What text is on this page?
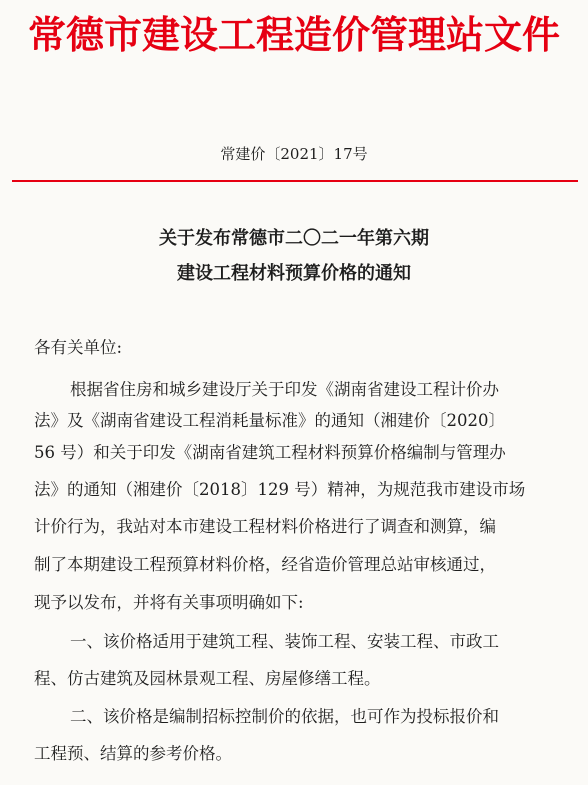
常德市建设工程造价管理站文件
常建价〔2021〕17号
关于发布常德市二〇二一年第六期
建设工程材料预算价格的通知
各有关单位:
根据省住房和城乡建设厅关于印发《湖南省建设工程计价办
法》及《湖南省建设工程消耗量标准》的通知（湘建价〔2020〕
56 号）和关于印发《湖南省建筑工程材料预算价格编制与管理办
法》的通知（湘建价〔2018〕129 号）精神，为规范我市建设市场
计价行为，我站对本市建设工程材料价格进行了调查和测算，编
制了本期建设工程预算材料价格，经省造价管理总站审核通过，
现予以发布，并将有关事项明确如下:
一、该价格适用于建筑工程、装饰工程、安装工程、市政工
程、仿古建筑及园林景观工程、房屋修缮工程。
二、该价格是编制招标控制价的依据，也可作为投标报价和
工程预、结算的参考价格。
